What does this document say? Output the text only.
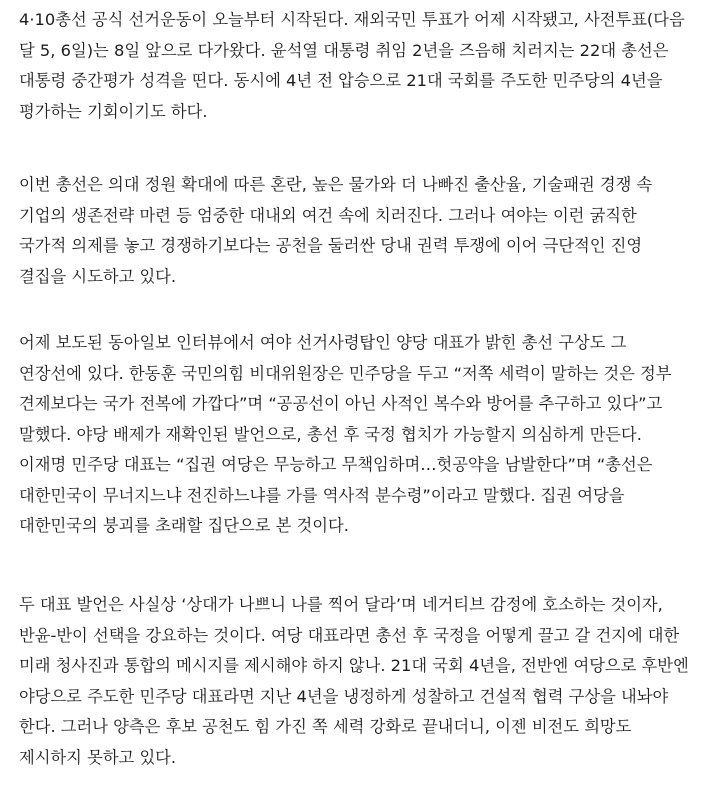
4·10총선 공식 선거운동이 오늘부터 시작된다. 재외국민 투표가 어제 시작됐고, 사전투표(다음
달 5, 6일)는 8일 앞으로 다가왔다. 윤석열 대통령 취임 2년을 즈음해 치러지는 22대 총선은
대통령 중간평가 성격을 띤다. 동시에 4년 전 압승으로 21대 국회를 주도한 민주당의 4년을
평가하는 기회이기도 하다.
이번 총선은 의대 정원 확대에 따른 혼란, 높은 물가와 더 나빠진 출산율, 기술패권 경쟁 속
기업의 생존전략 마련 등 엄중한 대내외 여건 속에 치러진다. 그러나 여야는 이런 굵직한
국가적 의제를 놓고 경쟁하기보다는 공천을 둘러싼 당내 권력 투쟁에 이어 극단적인 진영
결집을 시도하고 있다.
어제 보도된 동아일보 인터뷰에서 여야 선거사령탑인 양당 대표가 밝힌 총선 구상도 그
연장선에 있다. 한동훈 국민의힘 비대위원장은 민주당을 두고 “저쪽 세력이 말하는 것은 정부
견제보다는 국가 전복에 가깝다”며 “공공선이 아닌 사적인 복수와 방어를 추구하고 있다”고
말했다. 야당 배제가 재확인된 발언으로, 총선 후 국정 협치가 가능할지 의심하게 만든다.
이재명 민주당 대표는 “집권 여당은 무능하고 무책임하며…헛공약을 남발한다”며 “총선은
대한민국이 무너지느냐 전진하느냐를 가를 역사적 분수령”이라고 말했다. 집권 여당을
대한민국의 붕괴를 초래할 집단으로 본 것이다.
두 대표 발언은 사실상 ‘상대가 나쁘니 나를 찍어 달라’며 네거티브 감정에 호소하는 것이자,
반윤-반이 선택을 강요하는 것이다. 여당 대표라면 총선 후 국정을 어떻게 끌고 갈 건지에 대한
미래 청사진과 통합의 메시지를 제시해야 하지 않나. 21대 국회 4년을, 전반엔 여당으로 후반엔
야당으로 주도한 민주당 대표라면 지난 4년을 냉정하게 성찰하고 건설적 협력 구상을 내놔야
한다. 그러나 양측은 후보 공천도 힘 가진 쪽 세력 강화로 끝내더니, 이젠 비전도 희망도
제시하지 못하고 있다.
